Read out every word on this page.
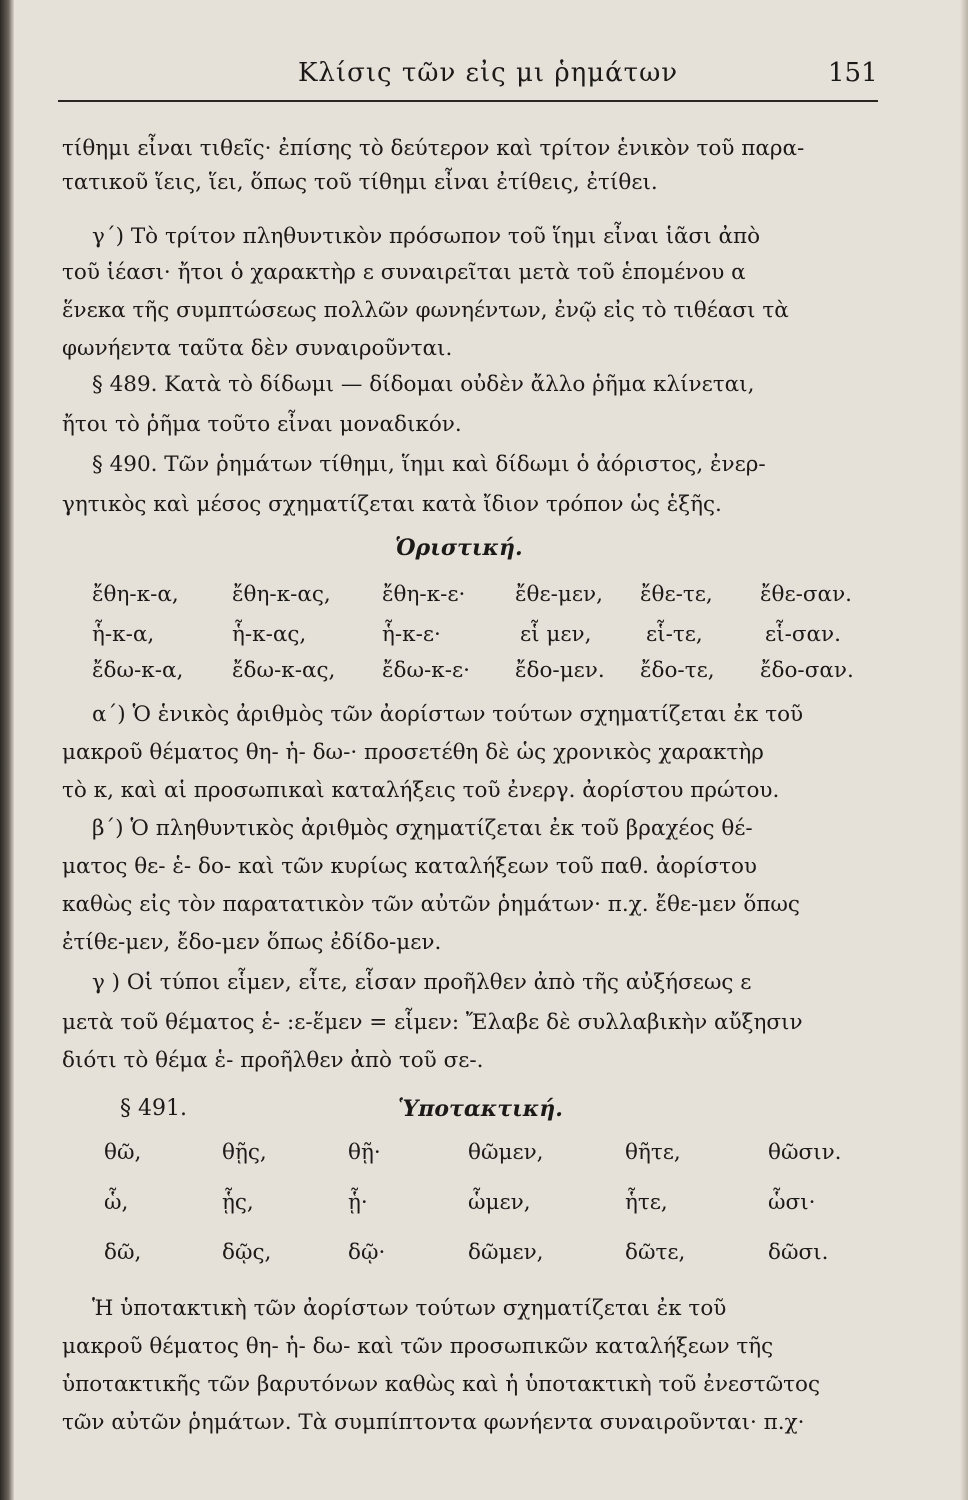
Κλίσις τῶν εἰς μι ῥημάτων	151
τίθημι εἶναι τιθεῖς· ἐπίσης τὸ δεύτερον καὶ τρίτον ἑνικὸν τοῦ παρα-
τατικοῦ ἵεις, ἵει, ὅπως τοῦ τίθημι εἶναι ἐτίθεις, ἐτίθει.
γ΄) Τὸ τρίτον πληθυντικὸν πρόσωπον τοῦ ἵημι εἶναι ἱᾶσι ἀπὸ
τοῦ ἱέασι· ἤτοι ὁ χαρακτὴρ ε συναιρεῖται μετὰ τοῦ ἑπομένου α
ἕνεκα τῆς συμπτώσεως πολλῶν φωνηέντων, ἐνῷ εἰς τὸ τιθέασι τὰ
φωνήεντα ταῦτα δὲν συναιροῦνται.
§ 489. Κατὰ τὸ δίδωμι — δίδομαι οὐδὲν ἄλλο ῥῆμα κλίνεται,
ἤτοι τὸ ῥῆμα τοῦτο εἶναι μοναδικόν.
§ 490. Τῶν ῥημάτων τίθημι, ἵημι καὶ δίδωμι ὁ ἀόριστος, ἐνερ-
γητικὸς καὶ μέσος σχηματίζεται κατὰ ἴδιον τρόπον ὡς ἑξῆς.
Ὁριστική.
ἔθη-κ-α, ἔθη-κ-ας, ἔθη-κ-ε· ἔθε-μεν, ἔθε-τε, ἔθε-σαν.
ἧ-κ-α,	ἧ-κ-ας,	ἧ-κ-ε·	εἷ μεν,	εἷ-τε,	εἷ-σαν.
ἔδω-κ-α, ἔδω-κ-ας, ἔδω-κ-ε· ἔδο-μεν. ἔδο-τε, ἔδο-σαν.
α΄) Ὁ ἑνικὸς ἀριθμὸς τῶν ἀορίστων τούτων σχηματίζεται ἐκ τοῦ
μακροῦ θέματος θη- ἡ- δω-· προσετέθη δὲ ὡς χρονικὸς χαρακτὴρ
τὸ κ, καὶ αἱ προσωπικαὶ καταλήξεις τοῦ ἐνεργ. ἀορίστου πρώτου.
β΄) Ὁ πληθυντικὸς ἀριθμὸς σχηματίζεται ἐκ τοῦ βραχέος θέ-
ματος θε- ἑ- δο- καὶ τῶν κυρίως καταλήξεων τοῦ παθ. ἀορίστου
καθὼς εἰς τὸν παρατατικὸν τῶν αὐτῶν ῥημάτων· π.χ. ἔθε-μεν ὅπως
ἐτίθε-μεν, ἔδο-μεν ὅπως ἐδίδο-μεν.
γ ) Οἱ τύποι εἷμεν, εἷτε, εἷσαν προῆλθεν ἀπὸ τῆς αὐξήσεως ε
μετὰ τοῦ θέματος ἑ- :ε-ἕμεν = εἷμεν: Ἔλαβε δὲ συλλαβικὴν αὔξησιν
διότι τὸ θέμα ἑ- προῆλθεν ἀπὸ τοῦ σε-.
§ 491.	Ὑποτακτική.
θῶ,	θῇς,	θῇ·	θῶμεν,	θῆτε,	θῶσιν.
ὧ,	ᾗς,	ᾗ·	ὧμεν,	ἧτε,	ὧσι·
δῶ,	δῷς,	δῷ·	δῶμεν,	δῶτε,	δῶσι.
Ἡ ὑποτακτικὴ τῶν ἀορίστων τούτων σχηματίζεται ἐκ τοῦ
μακροῦ θέματος θη- ἡ- δω- καὶ τῶν προσωπικῶν καταλήξεων τῆς
ὑποτακτικῆς τῶν βαρυτόνων καθὼς καὶ ἡ ὑποτακτικὴ τοῦ ἐνεστῶτος
τῶν αὐτῶν ῥημάτων. Τὰ συμπίπτοντα φωνήεντα συναιροῦνται· π.χ·
